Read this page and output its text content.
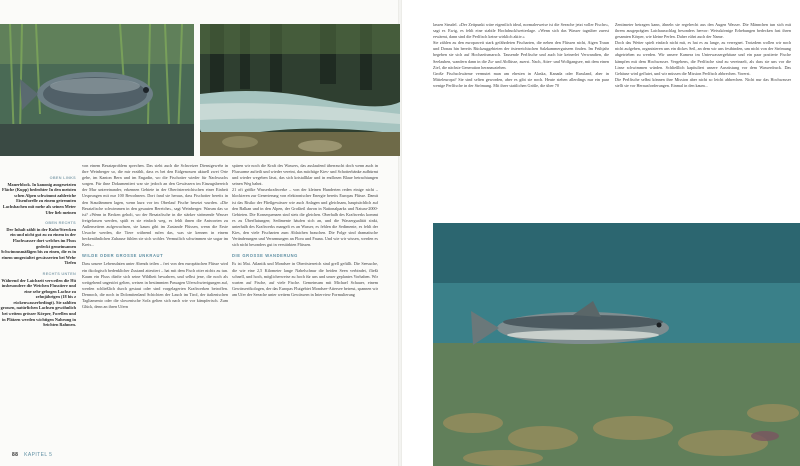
OBEN LINKS
Mauerblock. In kanonig ausgesetzten Fläche (Kupp) bedrohter In den meisten schen Alpen schwimmt zahlreiche Eisenforelle zu einem getrennten Lachsbachen mit mehr als seinen Meter Ufer lieb meinen
OBEN RECHTS
Der Inhalt zählt in der Kuhe/Strecken ein und nicht gut zu zu einem in der Flachwasser dort welches im Fluss gedeckt gemeinsamen Schwimmsmäßigen bis zu einen, die es in einem umgestaltet gewässerten bei Wehr Tiefen
RECHTS UNTEN
Während der Laichzeit verweilen die Hü insbesondere die Weichen Flusstiere und eine sehr gebogen Lachse zu zehnjährigen (18 bis z rückenwasserbedingt). Sie zahlten grossen, natürlichen Lachsen gewöhnlich bei weitem grösser Körper, Forellen und in Plätzen werden wichtigen Nahrung in Seichten Rahmen.

von einem Besatzproblem sprechen. Das sieht auch die Schweizer Dienstgewehr in ihre Weinberger so, die mir erzählt, dass es bei den Eidgenossen aktuell zwei Orte gebe, im Kanton Bern und im Engadin, wo die Fischotter wieder für Nachwuchs sorgen. Für ihne Dokumentiert war sie jedoch an den Gewässern im Einzugsbereich der Mur untereinander, erkennen Gebiete in der Oberösterreichischen einer Einheit Ursprungen mit nur 100 Bewohnern. Dort fand sie heraus, dass Fischotter bereits in den Staudämmen lagen, wenn kurz vor im Oberlauf Fische besetzt wurden. «Die Besatzfische schwimmen in den gesauten Bereiche», sagt Weinberger. Warum das so ist? «Wenn in Becken geholt, wo der Besatzfische in die stärker strömende Wasser freigelassen werden, spült es sie einfach weg, es fehlt ihnen die Antworten zu Außenseitern aufgewachsen, sie kaum gibt im Zustande Flüssen, wenn die Erste Ursache werden, die Tiere während rufen das, was sie kennen in einem beckenähnlichen Zuhause fühlen sie sich wohler. Vermutlich schwimmen sie sogar im Kreis...

WILDE ODER GROSSE UNKRAUT

Dass unsere Lebensdaten unter Abends teilen – frei von den europäischen Flüsse wird ein ökologisch bedenklicher Zustand attestiert – hat mit dem Fisch otter nichts zu tun. Kaum ein Fluss dürfte sich seine Wildheit bewahren, und selbst jene, die noch als weitgehend ungestört gelten, weisen in bestimmten Passagen Uferschwierigungen auf, werden schließlich durch gestaut oder sind vorgelagerten Kraftwerken betroffen. Dennoch, die noch in Dolomitenland Schichten der Lauch im Tirol, der italienischen Tagliamento oder die slowenische Soča gelten sich nach wie vor kämpferisch. Zum Glück, denn an ihren Ufern

spüren wir noch die Kraft des Wassers, das auslaufend überrascht doch wenn auch in Flussarme aufteilt und wieder vereint, das mächtige Kies- und Schotterbänke aufbürmt und wieder wegeben lässt, das sich kristallklar und in endlosen Blaue betrachtungen seinen Weg bahnt.

21 oft größte Wasserkraftwerke – von der kleinen Hunderten reden einige nicht – blockieren zur Generierung von elektronischer Energie bereits Europas Flüsse. Damit ist das Risiko der Fließgewässer wie auch Anlagen und gleichsam, hauptsächlich auf den Balkan und in den Alpen, der Großteil davon in Nationalparks und Natura-2000-Gebieten. Die Konsequenzen sind stets die gleichen. Oberhalb des Kraftwerks kommt es zu Überflutungen; Sedimente häufen sich an, und die Wassergualität sinkt, unterhalb des Kraftwerks mangelt es an Wasser, es fehlen die Sedimente, es fehlt der Kies, den viele Fischarten zum Ablaichen brauchen. Die Folge sind dramatische Veränderungen und Verarmungen an Flora und Fauna. Und wie wir wissen, werden es sich nicht besonders gut in verstärkten Flüssen.

DIE GROSSE WANDERUNG

Es ist Mai. Atlantik und Mondsee in Oberösterreich sind grell gefüllt. Die Seesuche, die wie eine 2,5 Kilometer lange Nabelschnur die beiden Seen verbindet, fließt schnell, und hoch, möglicherweise zu hoch für uns und unser geplantes Vorhaben. Wir warten auf Fische, auf viele Fische. Gemeinsam mit Michael Schauer, einem Gewässerökologen, der das Europas Flutgebiet Mondsee-Attersee betreut, spannen wir am Ufer der Seeache unter weitem Gewässern in Interview Formulierung

lassen Strudel. «Der Zeitpunkt wäre eigentlich ideal, normalerweise ist die Seeache jetzt voller Fische», sagt er. Ewig, es fehlt eine stabile Hochdrucklwetterlage. «Wenn sich das Wasser tagsüber zuerst erwärmt, dann sind die Perlfisch keine wirklich aktiv.»

Sie zählen zu den europaweit stark gefährdeten Fischarten, die neben den Flüssen nicht, Aigen Traun und Donau hin bereits Rückzuggebieten der österreichischen Salzkammergutseen finden. Im Frühjahr begeben sie sich auf Hochzeitsmarsch. Tausende Perlfische und auch hie keinerlei Verwandten, die Seelauben, wandern dann in die Zu- und Abflüsse, zuerst. Nach, Atter- und Wolfgangsee, mit dem einen Ziel, die nächste Generation heranzuziehen.

Große Fischschwärme vermutet man am ehesten in Alaska, Kanada oder Russland, aber in Mitteleuropa? Sie sind selten geworden, aber es gibt sie noch. Heute stehen allerdings nur ein paar wenige Perlfische in der Strömung. Mit ihrer stattlichen Größe, die über 70

Zentimeter betragen kann, ähneln sie regelrecht aus den Augen Wasser. Die Männchen tun sich mit ihrem ausgeprägten Laichausschlag besonders hervor: Weisskörnige Erhebungen bedecken fast ihren gesamten Körper, wie kleine Perlen. Daher rührt auch der Name.

Doch das Wetter spielt einfach nicht mit, es hat es zu lange, zu verregnet. Trotzdem wollen wir noch nicht aufgeben, organisieren uns ein dickes Seil, an dem wir uns festbinden, um nicht von der Strömung abgetrieben zu werden. Wir unsere Kamera im Unterwassergehäuse und ein paar postierte Fische kämpfen mit dem Hochwasser. Vergebens, die Perlfische sind zu vereinzelt, als dass sie uns vor die Linse schwimmen würden. Schließlich kapituliert unsere Ausrüstung vor dem Wasserdruck. Das Gehäuse wird geflutet, und wir müssen die Mission Perlfisch abbrechen. Vorerst.

Die Perlfische selbst können ihre Mission aber nicht so leicht abbrechen. Nicht nur das Hochwasser stellt sie vor Herausforderungen. Einmal in den kaum...

88 KAPITEL 5
